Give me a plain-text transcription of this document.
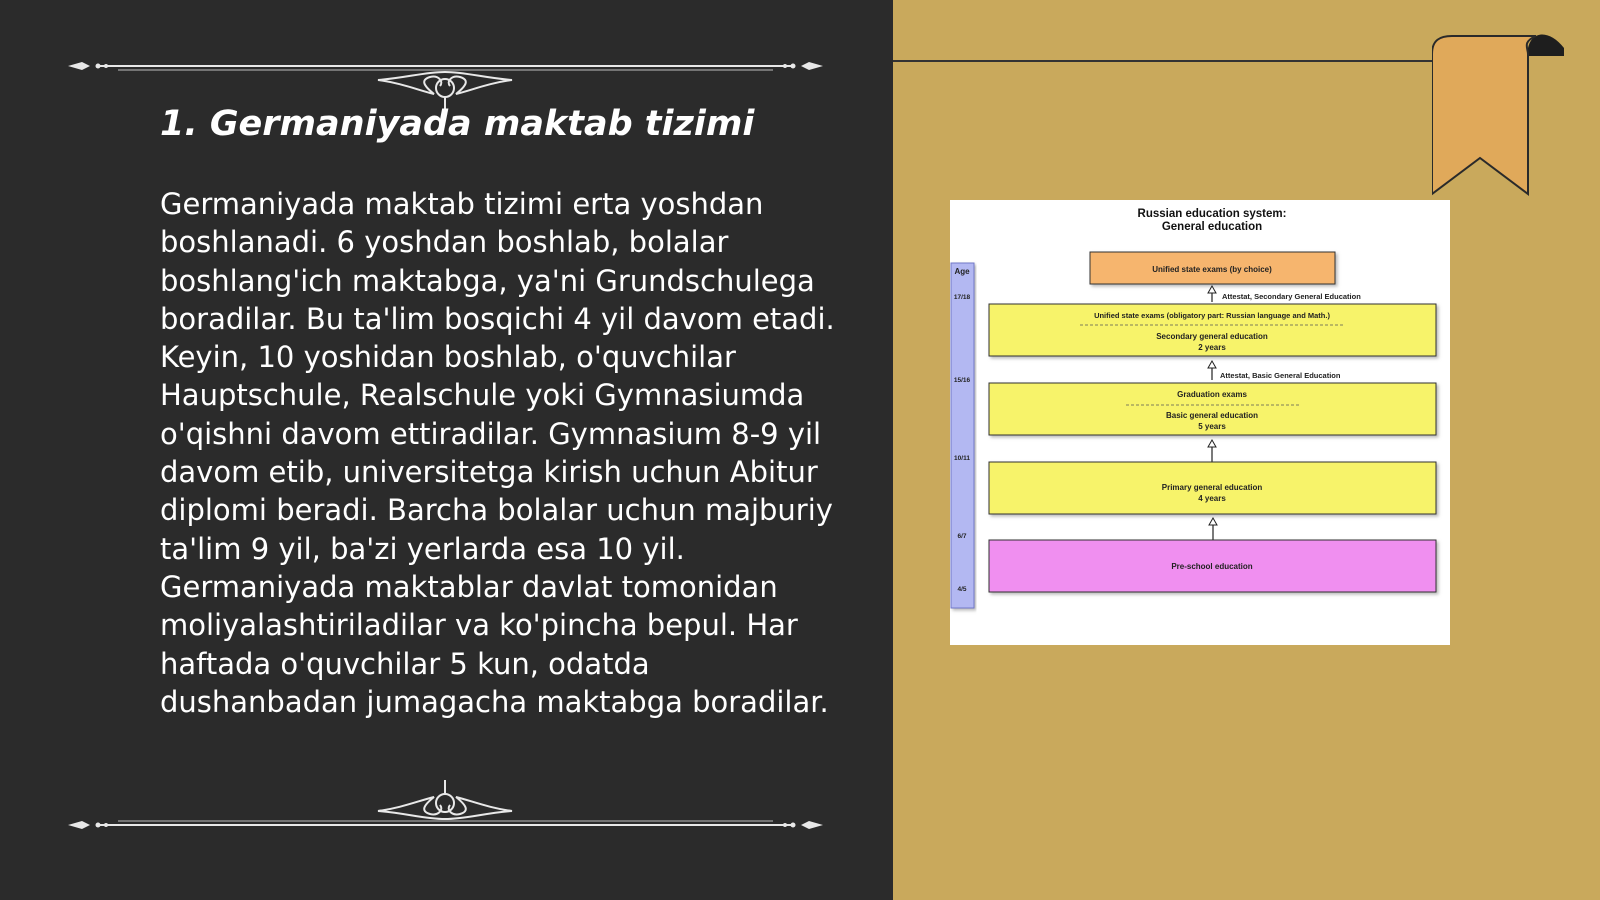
1. Germaniyada maktab tizimi

Germaniyada maktab tizimi erta yoshdan boshlanadi. 6 yoshdan boshlab, bolalar boshlang'ich maktabga, ya'ni Grundschulega boradilar. Bu ta'lim bosqichi 4 yil davom etadi. Keyin, 10 yoshidan boshlab, o'quvchilar Hauptschule, Realschule yoki Gymnasiumda o'qishni davom ettiradilar. Gymnasium 8-9 yil davom etib, universitetga kirish uchun Abitur diplomi beradi. Barcha bolalar uchun majburiy ta'lim 9 yil, ba'zi yerlarda esa 10 yil. Germaniyada maktablar davlat tomonidan moliyalashtiriladilar va ko'pincha bepul. Har haftada o'quvchilar 5 kun, odatda dushanbadan jumagacha maktabga boradilar.

Russian education system:
General education
Age
17/18
15/16
10/11
6/7
4/5
Unified state exams (by choice)
Attestat, Secondary General Education
Unified state exams (obligatory part: Russian language and Math.)
Secondary general education
2 years
Attestat, Basic General Education
Graduation exams
Basic general education
5 years
Primary general education
4 years
Pre-school education
